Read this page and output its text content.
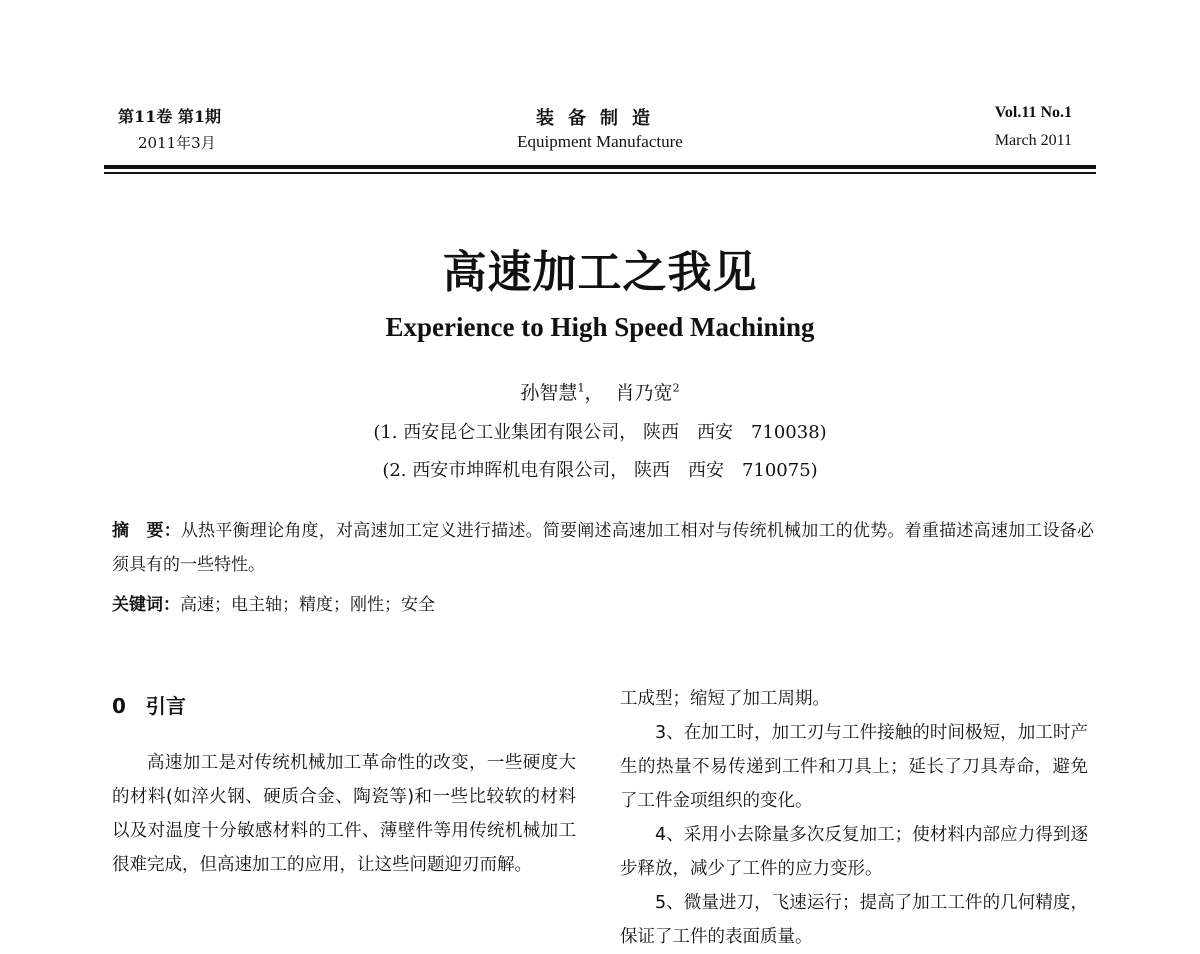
第11卷 第1期
2011年3月
装备制造
Equipment Manufacture
Vol.11 No.1
March 2011
高速加工之我见
Experience to High Speed Machining
孙智慧$^1$， 肖乃宽$^2$
(1. 西安昆仑工业集团有限公司， 陕西　西安　710038)
(2. 西安市坤晖机电有限公司， 陕西　西安　710075)
摘　要：从热平衡理论角度，对高速加工定义进行描述。简要阐述高速加工相对与传统机械加工的优势。着重描述高速加工设备必须具有的一些特性。
关键词：高速；电主轴；精度；刚性；安全
0　引言
高速加工是对传统机械加工革命性的改变，一些硬度大的材料(如淬火钢、硬质合金、陶瓷等)和一些比较软的材料以及对温度十分敏感材料的工件、薄壁件等用传统机械加工很难完成，但高速加工的应用，让这些问题迎刃而解。

工成型；缩短了加工周期。

3、在加工时，加工刃与工件接触的时间极短，加工时产生的热量不易传递到工件和刀具上；延长了刀具寿命，避免了工件金项组织的变化。

4、采用小去除量多次反复加工；使材料内部应力得到逐步释放，减少了工件的应力变形。

5、微量进刀，飞速运行；提高了加工工件的几何精度，保证了工件的表面质量。
